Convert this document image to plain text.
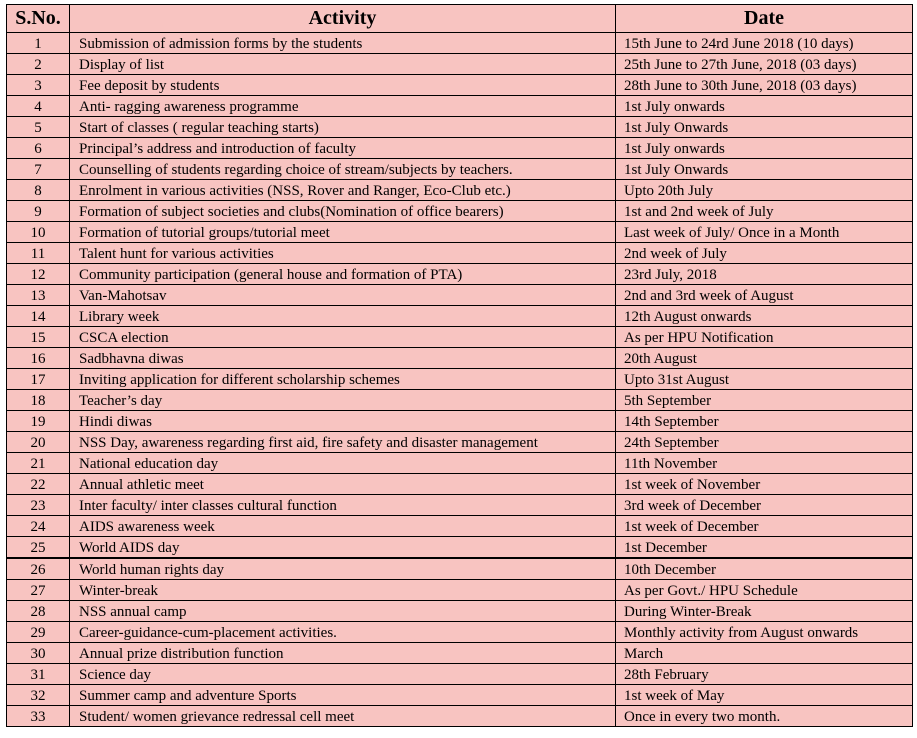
S.No.	Activity	Date
1	Submission of admission forms by the students	15th June to 24rd June 2018 (10 days)
2	Display of list	25th June to 27th June, 2018 (03 days)
3	Fee deposit by students	28th June to 30th June, 2018 (03 days)
4	Anti- ragging awareness programme	1st July onwards
5	Start of classes ( regular teaching starts)	1st July Onwards
6	Principal’s address and introduction of faculty	1st July onwards
7	Counselling of students regarding choice of stream/subjects by teachers.	1st July Onwards
8	Enrolment in various activities (NSS, Rover and Ranger, Eco-Club etc.)	Upto 20th July
9	Formation of subject societies and clubs(Nomination of office bearers)	1st and 2nd week of July
10	Formation of tutorial groups/tutorial meet	Last week of July/ Once in a Month
11	Talent hunt for various activities	2nd week of July
12	Community participation (general house and formation of PTA)	23rd July, 2018
13	Van-Mahotsav	2nd and 3rd week of August
14	Library week	12th August onwards
15	CSCA election	As per HPU Notification
16	Sadbhavna diwas	20th August
17	Inviting application for different scholarship schemes	Upto 31st August
18	Teacher’s day	5th September
19	Hindi diwas	14th September
20	NSS Day, awareness regarding first aid, fire safety and disaster management	24th September
21	National education day	11th November
22	Annual athletic meet	1st week of November
23	Inter faculty/ inter classes cultural function	3rd week of December
24	AIDS awareness week	1st week of December
25	World AIDS day	1st December
26	World human rights day	10th December
27	Winter-break	As per Govt./ HPU Schedule
28	NSS annual camp	During Winter-Break
29	Career-guidance-cum-placement activities.	Monthly activity from August onwards
30	Annual prize distribution function	March
31	Science day	28th February
32	Summer camp and adventure Sports	1st week of May
33	Student/ women grievance redressal cell meet	Once in every two month.
